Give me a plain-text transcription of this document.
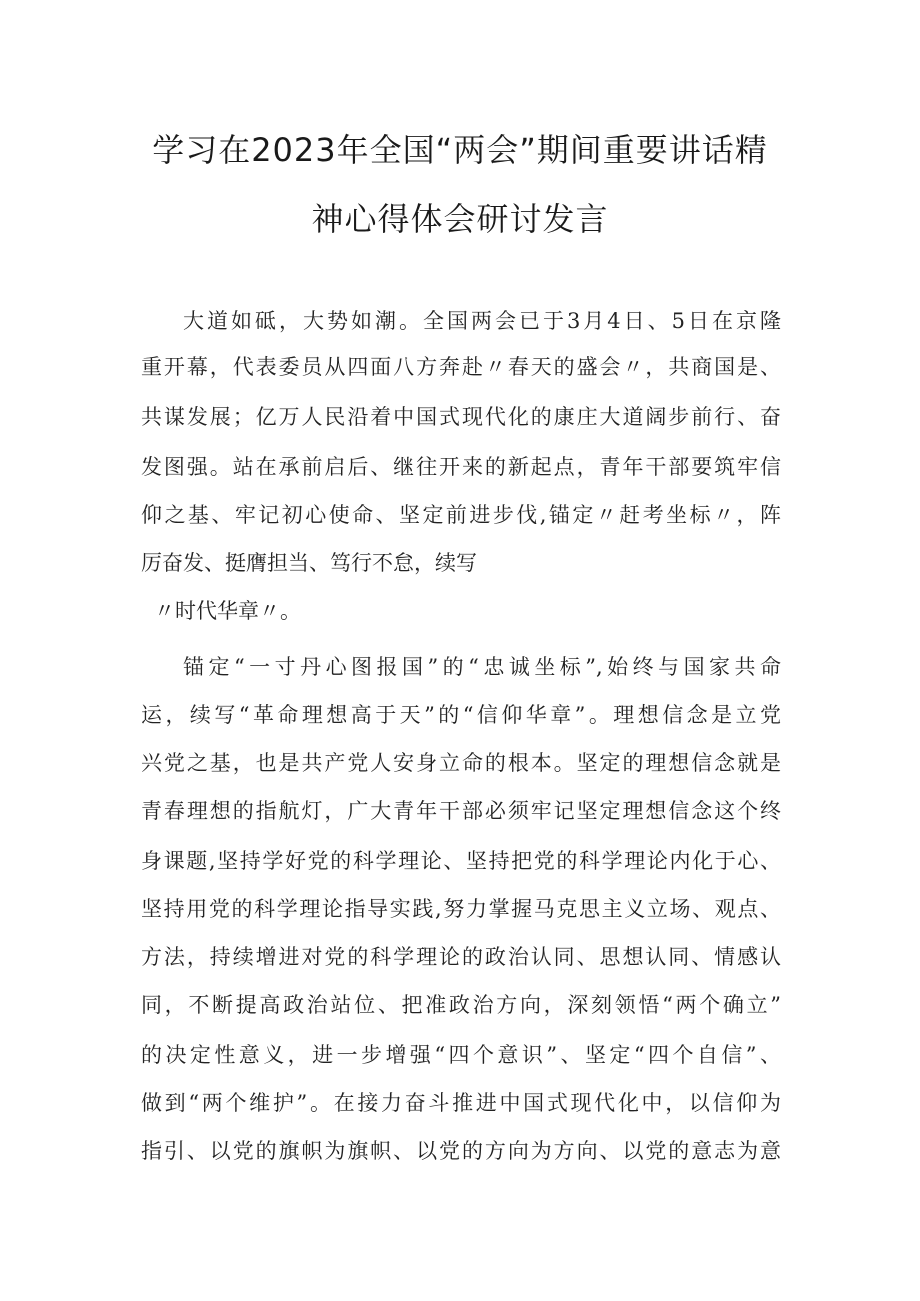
学习在2023年全国“两会”期间重要讲话精
神心得体会研讨发言
大道如砥，大势如潮。全国两会已于3月4日、5日在京隆
重开幕，代表委员从四面八方奔赴〃春天的盛会〃，共商国是、
共谋发展；亿万人民沿着中国式现代化的康庄大道阔步前行、奋
发图强。站在承前启后、继往开来的新起点，青年干部要筑牢信
仰之基、牢记初心使命、坚定前进步伐,锚定〃赶考坐标〃，阵
厉奋发、挺膺担当、笃行不怠，续写
〃时代华章〃。
锚定“一寸丹心图报国”的“忠诚坐标”,始终与国家共命
运，续写“革命理想高于天”的“信仰华章”。理想信念是立党
兴党之基，也是共产党人安身立命的根本。坚定的理想信念就是
青春理想的指航灯，广大青年干部必须牢记坚定理想信念这个终
身课题,坚持学好党的科学理论、坚持把党的科学理论内化于心、
坚持用党的科学理论指导实践,努力掌握马克思主义立场、观点、
方法，持续增进对党的科学理论的政治认同、思想认同、情感认
同，不断提高政治站位、把准政治方向，深刻领悟“两个确立”
的决定性意义，进一步增强“四个意识”、坚定“四个自信”、
做到“两个维护”。在接力奋斗推进中国式现代化中，以信仰为
指引、以党的旗帜为旗帜、以党的方向为方向、以党的意志为意
